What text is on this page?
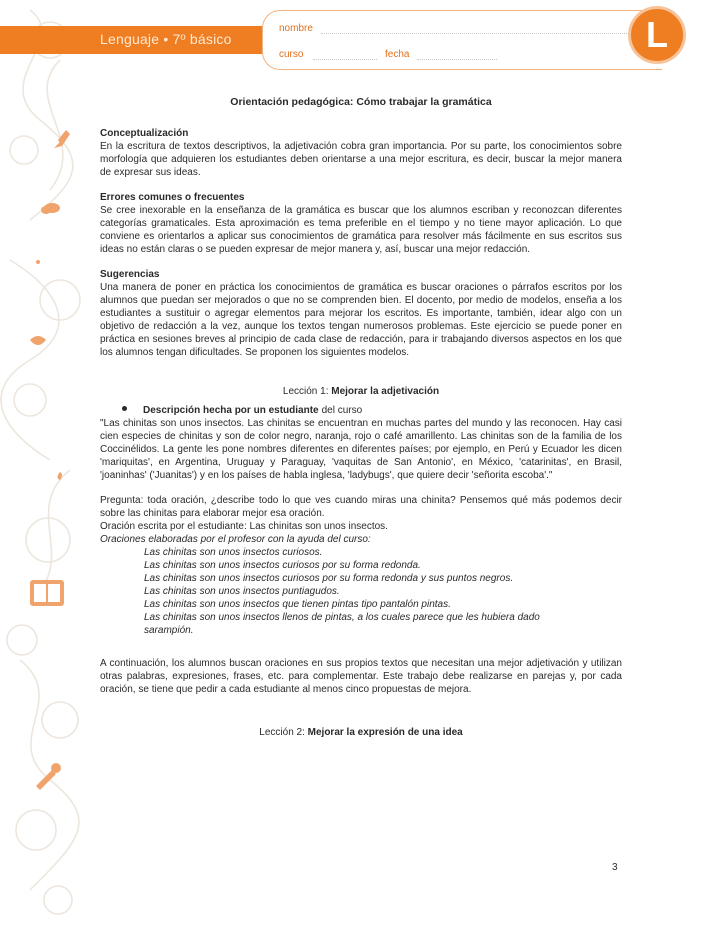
Lenguaje • 7º básico
nombre
curso	fecha	L
Orientación pedagógica: Cómo trabajar la gramática
Conceptualización
En la escritura de textos descriptivos, la adjetivación cobra gran importancia. Por su parte, los conocimientos sobre morfología que adquieren los estudiantes deben orientarse a una mejor escritura, es decir, buscar la mejor manera de expresar sus ideas.
Errores comunes o frecuentes
Se cree inexorable en la enseñanza de la gramática es buscar que los alumnos escriban y reconozcan diferentes categorías gramaticales. Esta aproximación es tema preferible en el tiempo y no tiene mayor aplicación. Lo que conviene es orientarlos a aplicar sus conocimientos de gramática para resolver más fácilmente en sus escritos sus ideas no están claras o se pueden expresar de mejor manera y, así, buscar una mejor redacción.
Sugerencias
Una manera de poner en práctica los conocimientos de gramática es buscar oraciones o párrafos escritos por los alumnos que puedan ser mejorados o que no se comprenden bien. El docento, por medio de modelos, enseña a los estudiantes a sustituir o agregar elementos para mejorar los escritos. Es importante, también, idear algo con un objetivo de redacción a la vez, aunque los textos tengan numerosos problemas. Este ejercicio se puede poner en práctica en sesiones breves al principio de cada clase de redacción, para ir trabajando diversos aspectos en los que los alumnos tengan dificultades. Se proponen los siguientes modelos.
Lección 1: Mejorar la adjetivación
Descripción hecha por un estudiante del curso
"Las chinitas son unos insectos. Las chinitas se encuentran en muchas partes del mundo y las reconocen. Hay casi cien especies de chinitas y son de color negro, naranja, rojo o café amarillento. Las chinitas son de la familia de los Coccinélidos. La gente les pone nombres diferentes en diferentes países; por ejemplo, en Perú y Ecuador les dicen 'mariquitas', en Argentina, Uruguay y Paraguay, 'vaquitas de San Antonio', en México, 'catarinitas', en Brasil, 'joaninhas' ('Juanitas') y en los países de habla inglesa, 'ladybugs', que quiere decir 'señorita escoba'."
Pregunta: toda oración, ¿describe todo lo que ves cuando miras una chinita? Pensemos qué más podemos decir sobre las chinitas para elaborar mejor esa oración.
Oración escrita por el estudiante: Las chinitas son unos insectos.
Oraciones elaboradas por el profesor con la ayuda del curso:
Las chinitas son unos insectos curiosos.
Las chinitas son unos insectos curiosos por su forma redonda.
Las chinitas son unos insectos curiosos por su forma redonda y sus puntos negros.
Las chinitas son unos insectos puntiagudos.
Las chinitas son unos insectos que tienen pintas tipo pantalón pintas.
Las chinitas son unos insectos llenos de pintas, a los cuales parece que les hubiera dado sarampión.
A continuación, los alumnos buscan oraciones en sus propios textos que necesitan una mejor adjetivación y utilizan otras palabras, expresiones, frases, etc. para complementar. Este trabajo debe realizarse en parejas y, por cada oración, se tiene que pedir a cada estudiante al menos cinco propuestas de mejora.
Lección 2: Mejorar la expresión de una idea
3
